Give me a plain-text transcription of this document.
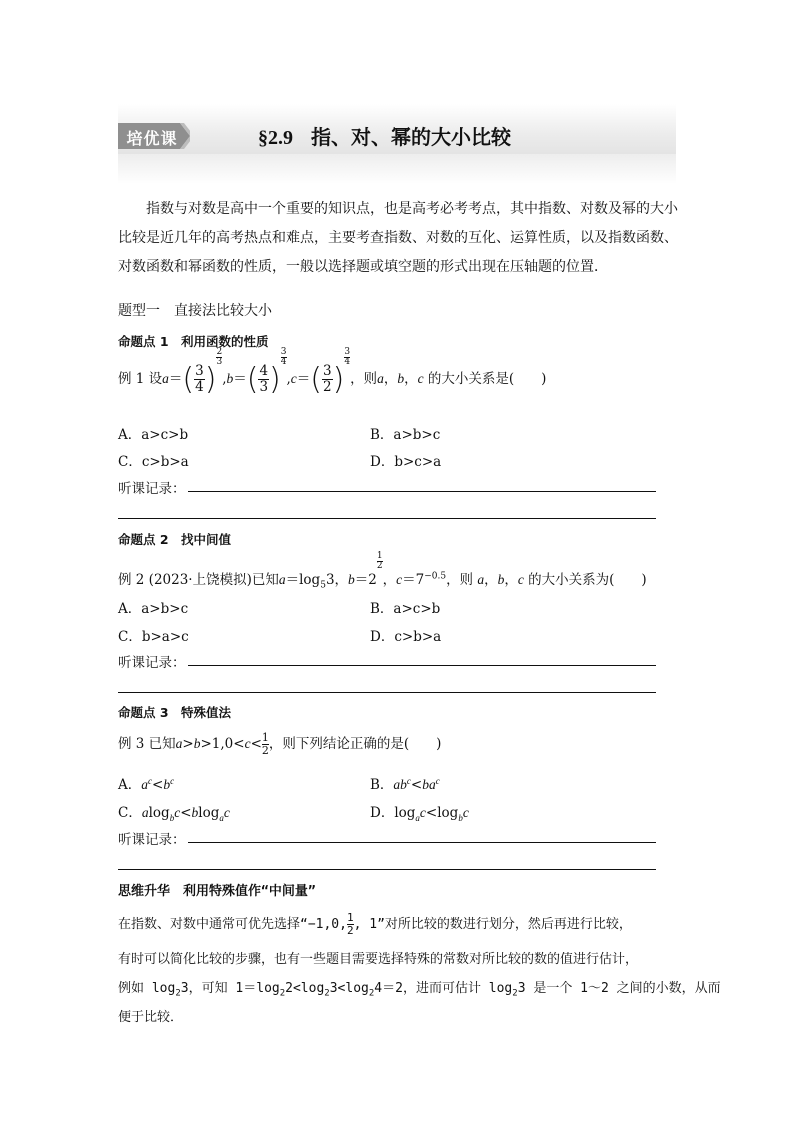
培优课	§2.9 指、对、幂的大小比较
指数与对数是高中一个重要的知识点，也是高考必考考点，其中指数、对数及幂的大小比较是近几年的高考热点和难点，主要考查指数、对数的互化、运算性质，以及指数函数、对数函数和幂函数的性质，一般以选择题或填空题的形式出现在压轴题的位置．
题型一　直接法比较大小
命题点 1　利用函数的性质
例 1 设$a=( \frac{3}{4}$ )
$\frac{2}{3},b=( \frac{4}{3}$ )
$\frac{3}{4},c=( \frac{3}{2}$ )
$\frac{3}{4}$，则a，b，c 的大小关系是(　　)
A．a>c>b	B．a>b>c
C．c>b>a	D．b>c>a
听课记录：
命题点 2　找中间值
例 2 (2023·上饶模拟)已知$a=\log_53$，b＝2
$\frac{1}{2}$，$c=7^{-0.5}$，则 a，b，c 的大小关系为(　　)
A．a>b>c	B．a>c>b
C．b>a>c	D．c>b>a
听课记录：
命题点 3　特殊值法
例 3 已知$a>b>1,0<c< \frac{1}{2}$ ，则下列结论正确的是(　　)
A．$a^c<b^c$	B．$ab^c<ba^c$
C．alog$_b$c<blog$_a$c	D．$\log_ac<\log_bc$
听课记录：
思维升华　利用特殊值作“中间量”
在指数、对数中通常可优先选择“−1,0, $\frac{1}{2}$ , 1”对所比较的数进行划分，然后再进行比较，
有时可以简化比较的步骤，也有一些题目需要选择特殊的常数对所比较的数的值进行估计，
例如 $\log_23$，可知 $1=\log_22<\log_23<\log_24=2$，进而可估计 $\log_23$ 是一个 1～2 之间的小数，从而
便于比较．
